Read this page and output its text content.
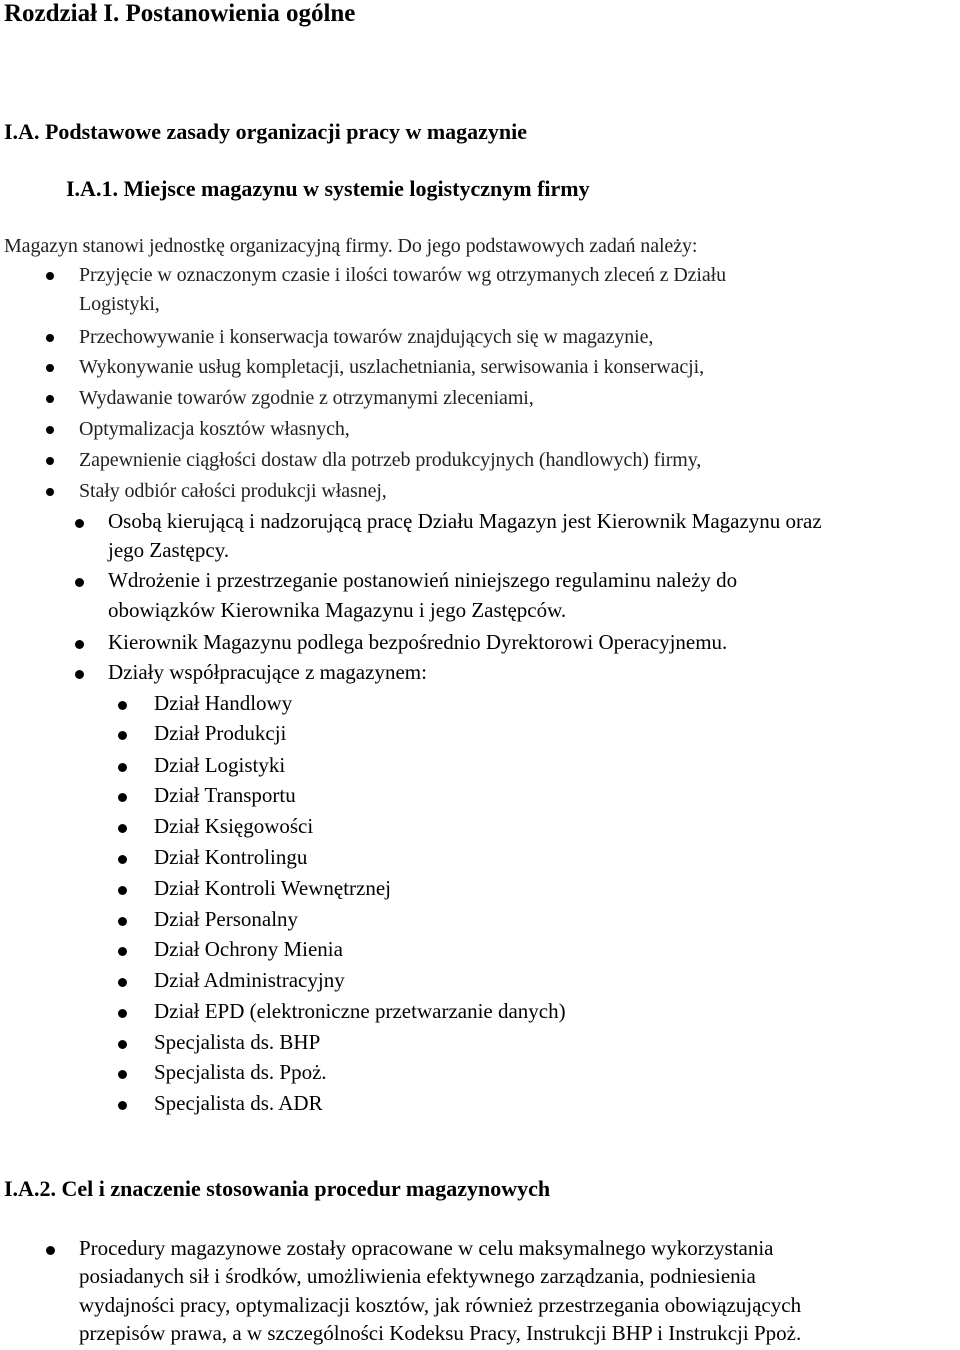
Rozdział I. Postanowienia ogólne
I.A. Podstawowe zasady organizacji pracy w magazynie
I.A.1. Miejsce magazynu w systemie logistycznym firmy
Magazyn stanowi jednostkę organizacyjną firmy. Do jego podstawowych zadań należy:
Przyjęcie w oznaczonym czasie i ilości towarów wg otrzymanych zleceń z Działu
Logistyki,
Przechowywanie i konserwacja towarów znajdujących się w magazynie,
Wykonywanie usług kompletacji, uszlachetniania, serwisowania i konserwacji,
Wydawanie towarów zgodnie z otrzymanymi zleceniami,
Optymalizacja kosztów własnych,
Zapewnienie ciągłości dostaw dla potrzeb produkcyjnych (handlowych) firmy,
Stały odbiór całości produkcji własnej,
Osobą kierującą i nadzorującą pracę Działu Magazyn jest Kierownik Magazynu oraz
jego Zastępcy.
Wdrożenie i przestrzeganie postanowień niniejszego regulaminu należy do
obowiązków Kierownika Magazynu i jego Zastępców.
Kierownik Magazynu podlega bezpośrednio Dyrektorowi Operacyjnemu.
Działy współpracujące z magazynem:
Dział Handlowy
Dział Produkcji
Dział Logistyki
Dział Transportu
Dział Księgowości
Dział Kontrolingu
Dział Kontroli Wewnętrznej
Dział Personalny
Dział Ochrony Mienia
Dział Administracyjny
Dział EPD (elektroniczne przetwarzanie danych)
Specjalista ds. BHP
Specjalista ds. Ppoż.
Specjalista ds. ADR
I.A.2. Cel i znaczenie stosowania procedur magazynowych
Procedury magazynowe zostały opracowane w celu maksymalnego wykorzystania
posiadanych sił i środków, umożliwienia efektywnego zarządzania, podniesienia
wydajności pracy, optymalizacji kosztów, jak również przestrzegania obowiązujących
przepisów prawa, a w szczególności Kodeksu Pracy, Instrukcji BHP i Instrukcji Ppoż.
